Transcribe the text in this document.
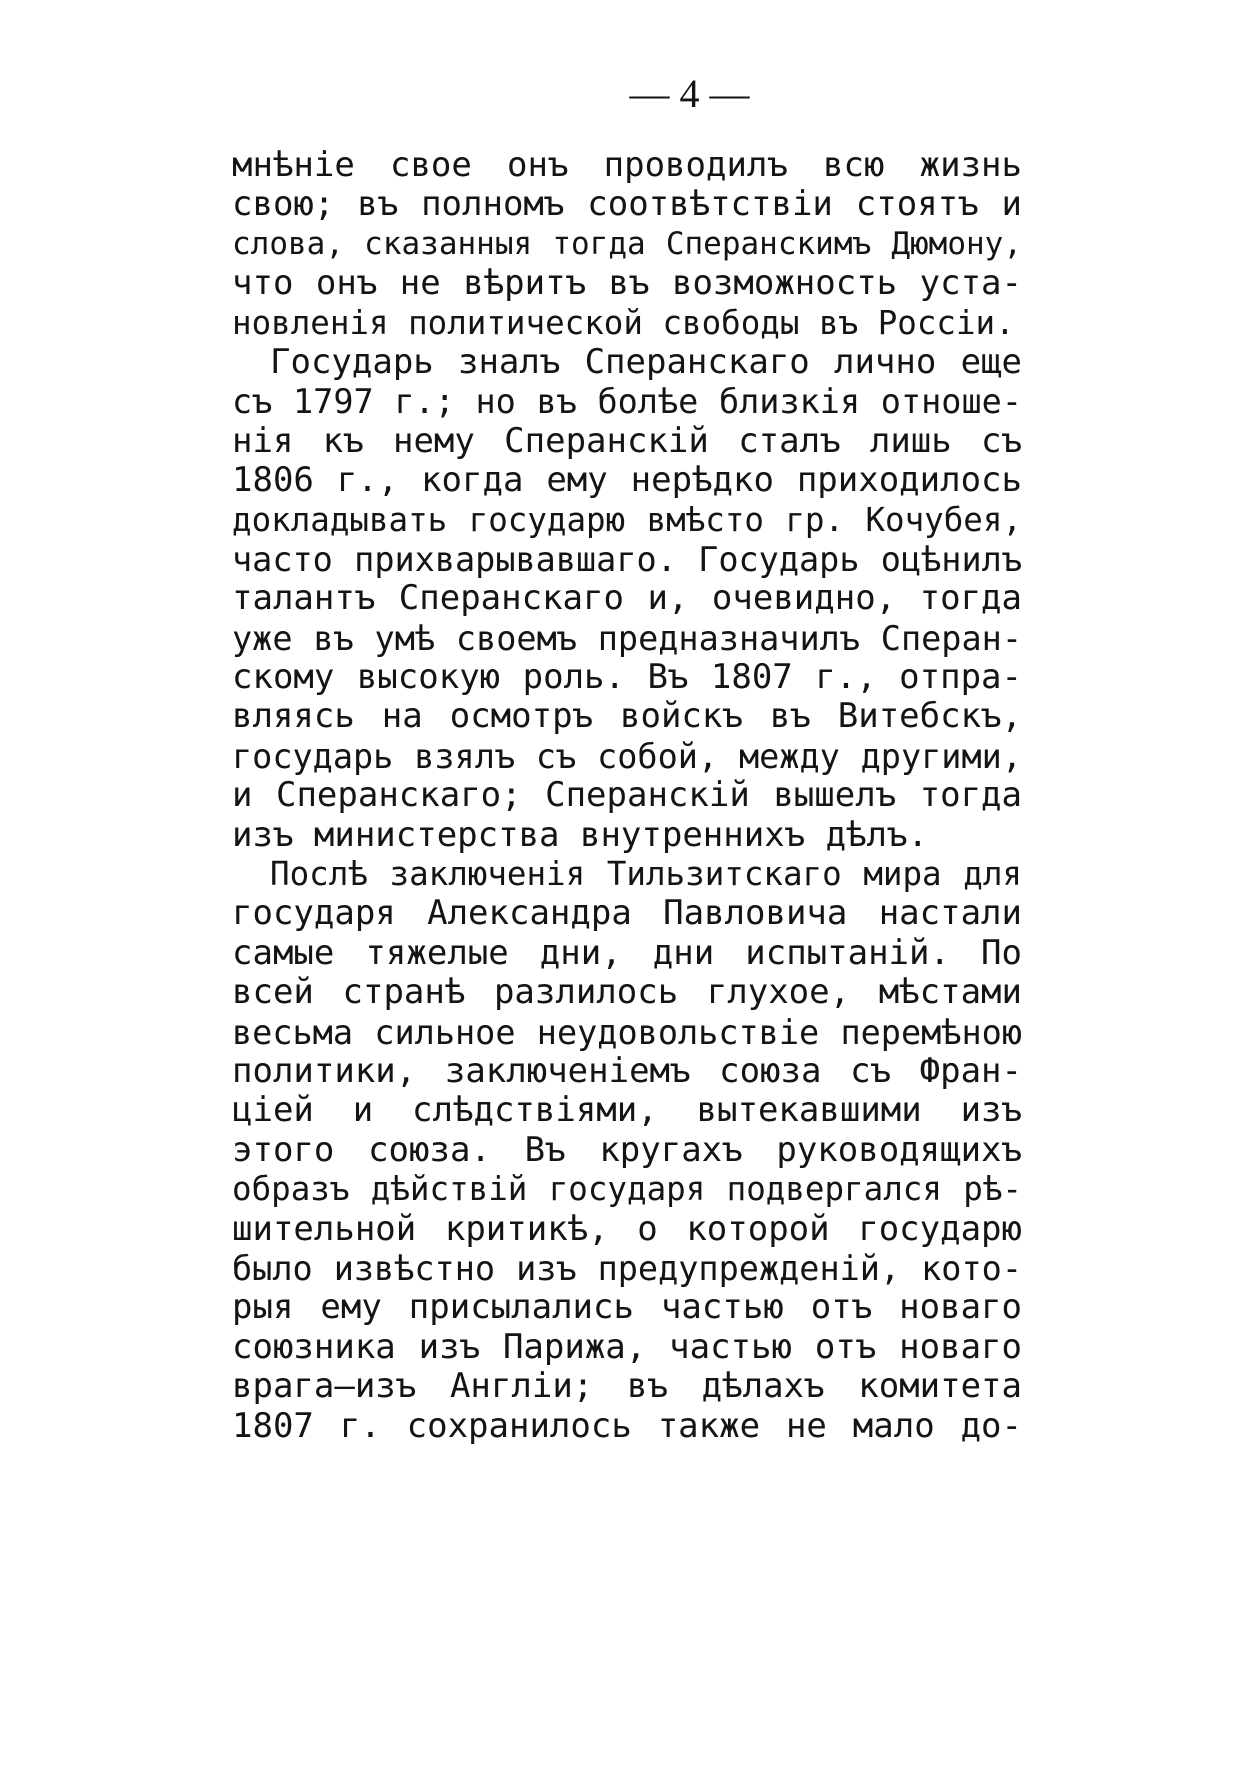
— 4 —
мнѣніе свое онъ проводилъ всю жизнь
свою; въ полномъ соотвѣтствіи стоятъ и
слова, сказанныя тогда Сперанскимъ Дюмону,
что онъ не вѣритъ въ возможность уста-
новленія политической свободы въ Россіи.
Государь зналъ Сперанскаго лично еще
съ 1797 г.; но въ болѣе близкія отноше-
нія къ нему Сперанскій сталъ лишь съ
1806 г., когда ему нерѣдко приходилось
докладывать государю вмѣсто гр. Кочубея,
часто прихварывавшаго. Государь оцѣнилъ
талантъ Сперанскаго и, очевидно, тогда
уже въ умѣ своемъ предназначилъ Сперан-
скому высокую роль. Въ 1807 г., отпра-
вляясь на осмотръ войскъ въ Витебскъ,
государь взялъ съ собой, между другими,
и Сперанскаго; Сперанскій вышелъ тогда
изъ министерства внутреннихъ дѣлъ.
Послѣ заключенія Тильзитскаго мира для
государя Александра Павловича настали
самые тяжелые дни, дни испытаній. По
всей странѣ разлилось глухое, мѣстами
весьма сильное неудовольствіе перемѣною
политики, заключеніемъ союза съ Фран-
ціей и слѣдствіями, вытекавшими изъ
этого союза. Въ кругахъ руководящихъ
образъ дѣйствій государя подвергался рѣ-
шительной критикѣ, о которой государю
было извѣстно изъ предупрежденій, кото-
рыя ему присылались частью отъ новаго
союзника изъ Парижа, частью отъ новаго
врага—изъ Англіи; въ дѣлахъ комитета
1807 г. сохранилось также не мало до-
